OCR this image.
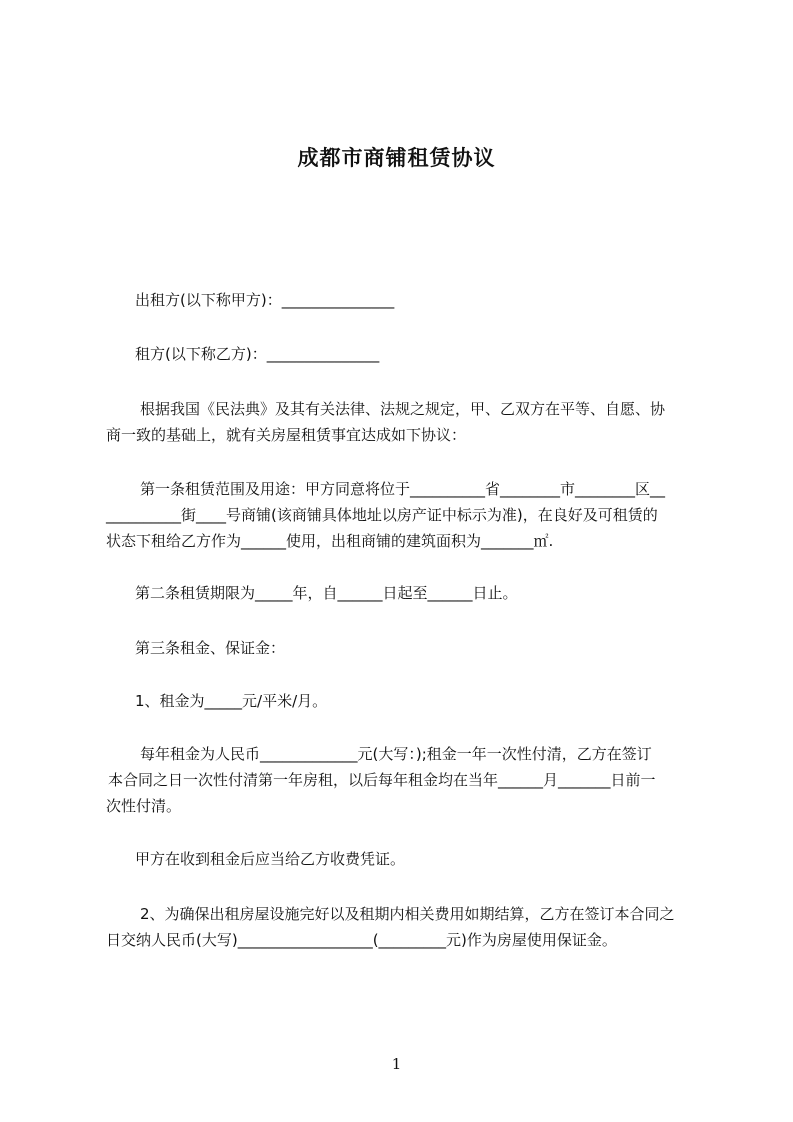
成都市商铺租赁协议
出租方(以下称甲方)：_______________
租方(以下称乙方)：_______________
根据我国《民法典》及其有关法律、法规之规定，甲、乙双方在平等、自愿、协
商一致的基础上，就有关房屋租赁事宜达成如下协议：
第一条租赁范围及用途：甲方同意将位于__________省________市________区__
__________街____号商铺(该商铺具体地址以房产证中标示为准)，在良好及可租赁的
状态下租给乙方作为______使用，出租商铺的建筑面积为_______㎡.
第二条租赁期限为_____年，自______日起至______日止。
第三条租金、保证金：
1、租金为_____元/平米/月。
每年租金为人民币_____________元(大写：);租金一年一次性付清，乙方在签订
本合同之日一次性付清第一年房租，以后每年租金均在当年______月_______日前一
次性付清。
甲方在收到租金后应当给乙方收费凭证。
2、为确保出租房屋设施完好以及租期内相关费用如期结算，乙方在签订本合同之
日交纳人民币(大写)__________________(_________元)作为房屋使用保证金。
1
